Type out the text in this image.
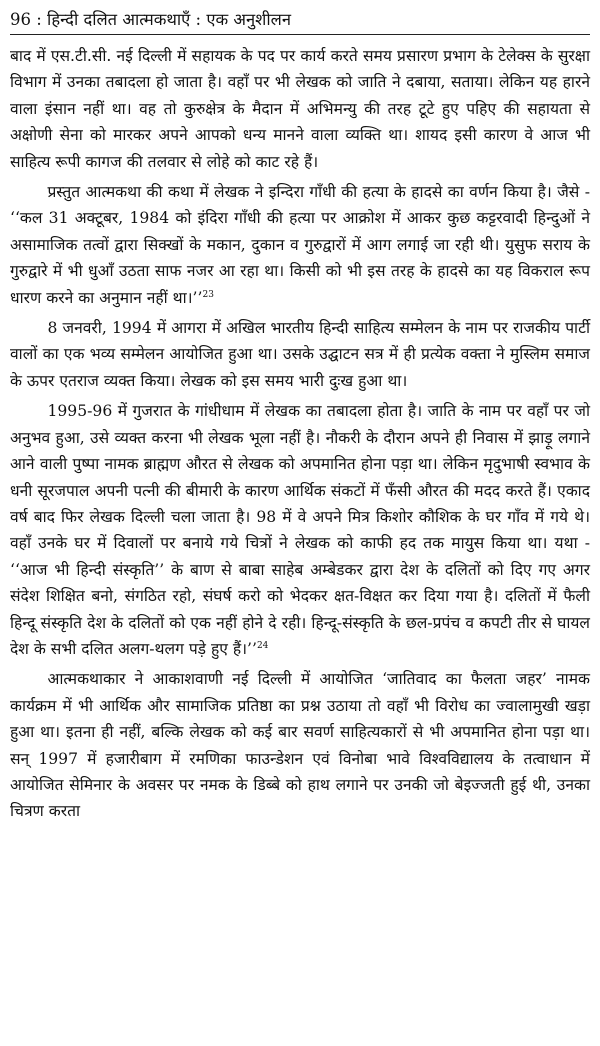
96 : हिन्दी दलित आत्मकथाएँ : एक अनुशीलन

बाद में एस.टी.सी. नई दिल्ली में सहायक के पद पर कार्य करते समय प्रसारण प्रभाग के टेलेक्स के सुरक्षा विभाग में उनका तबादला हो जाता है। वहाँ पर भी लेखक को जाति ने दबाया, सताया। लेकिन यह हारने वाला इंसान नहीं था। वह तो कुरुक्षेत्र के मैदान में अभिमन्यु की तरह टूटे हुए पहिए की सहायता से अक्षोणी सेना को मारकर अपने आपको धन्य मानने वाला व्यक्ति था। शायद इसी कारण वे आज भी साहित्य रूपी कागज की तलवार से लोहे को काट रहे हैं।

प्रस्तुत आत्मकथा की कथा में लेखक ने इन्दिरा गाँधी की हत्या के हादसे का वर्णन किया है। जैसे - ‘‘कल 31 अक्टूबर, 1984 को इंदिरा गाँधी की हत्या पर आक्रोश में आकर कुछ कट्टरवादी हिन्दुओं ने असामाजिक तत्वों द्वारा सिक्खों के मकान, दुकान व गुरुद्वारों में आग लगाई जा रही थी। युसुफ सराय के गुरुद्वारे में भी धुआँ उठता साफ नजर आ रहा था। किसी को भी इस तरह के हादसे का यह विकराल रूप धारण करने का अनुमान नहीं था।’’$^{23}$

8 जनवरी, 1994 में आगरा में अखिल भारतीय हिन्दी साहित्य सम्मेलन के नाम पर राजकीय पार्टी वालों का एक भव्य सम्मेलन आयोजित हुआ था। उसके उद्घाटन सत्र में ही प्रत्येक वक्ता ने मुस्लिम समाज के ऊपर एतराज व्यक्त किया। लेखक को इस समय भारी दुःख हुआ था।

1995-96 में गुजरात के गांधीधाम में लेखक का तबादला होता है। जाति के नाम पर वहाँ पर जो अनुभव हुआ, उसे व्यक्त करना भी लेखक भूला नहीं है। नौकरी के दौरान अपने ही निवास में झाड़ू लगाने आने वाली पुष्पा नामक ब्राह्मण औरत से लेखक को अपमानित होना पड़ा था। लेकिन मृदुभाषी स्वभाव के धनी सूरजपाल अपनी पत्नी की बीमारी के कारण आर्थिक संकटों में फँसी औरत की मदद करते हैं। एकाद वर्ष बाद फिर लेखक दिल्ली चला जाता है। 98 में वे अपने मित्र किशोर कौशिक के घर गाँव में गये थे। वहाँ उनके घर में दिवालों पर बनाये गये चित्रों ने लेखक को काफी हद तक मायुस किया था। यथा - ‘‘आज भी हिन्दी संस्कृति’’ के बाण से बाबा साहेब अम्बेडकर द्वारा देश के दलितों को दिए गए अगर संदेश शिक्षित बनो, संगठित रहो, संघर्ष करो को भेदकर क्षत-विक्षत कर दिया गया है। दलितों में फैली हिन्दू संस्कृति देश के दलितों को एक नहीं होने दे रही। हिन्दू-संस्कृति के छल-प्रपंच व कपटी तीर से घायल देश के सभी दलित अलग-थलग पड़े हुए हैं।’’$^{24}$

आत्मकथाकार ने आकाशवाणी नई दिल्ली में आयोजित ‘जातिवाद का फैलता जहर’ नामक कार्यक्रम में भी आर्थिक और सामाजिक प्रतिष्ठा का प्रश्न उठाया तो वहाँ भी विरोध का ज्वालामुखी खड़ा हुआ था। इतना ही नहीं, बल्कि लेखक को कई बार सवर्ण साहित्यकारों से भी अपमानित होना पड़ा था। सन् 1997 में हजारीबाग में रमणिका फाउन्डेशन एवं विनोबा भावे विश्वविद्यालय के तत्वाधान में आयोजित सेमिनार के अवसर पर नमक के डिब्बे को हाथ लगाने पर उनकी जो बेइज्जती हुई थी, उनका चित्रण करता
